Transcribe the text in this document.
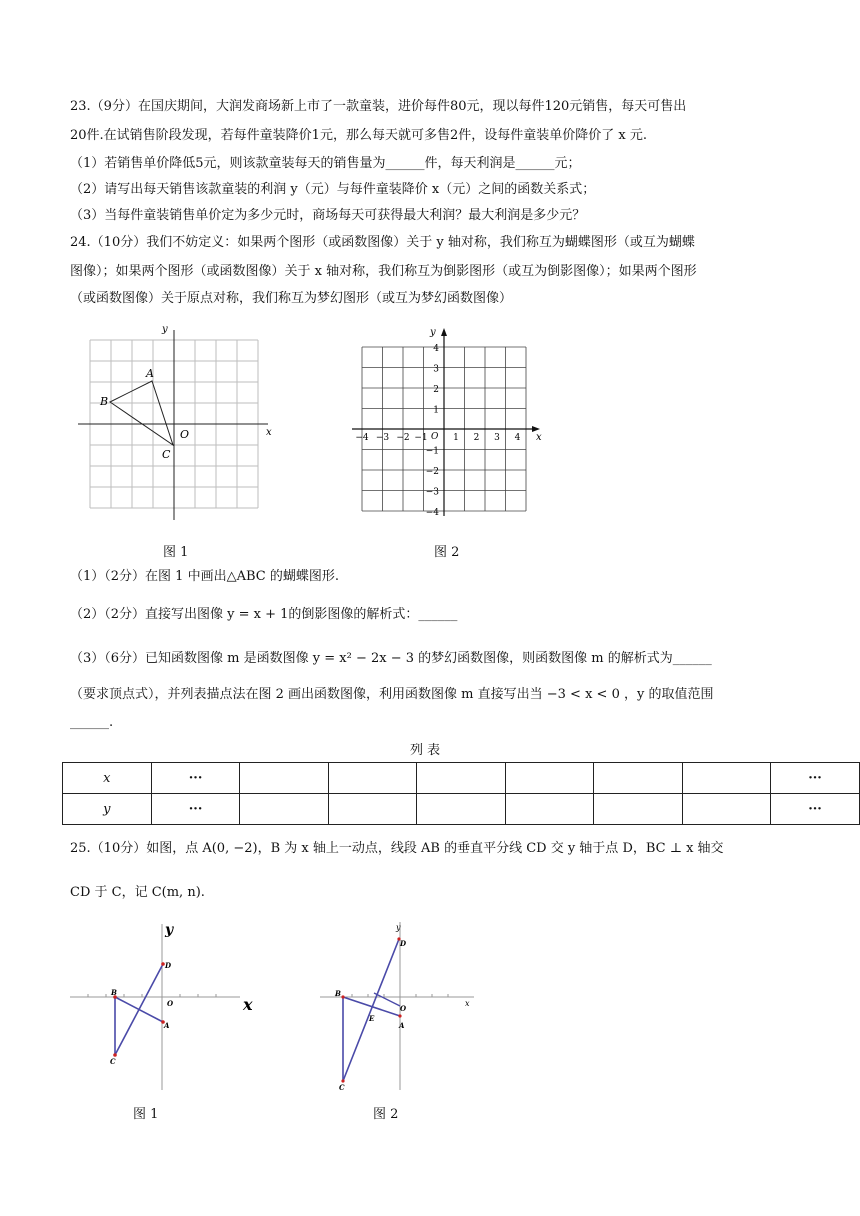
23.（9分）在国庆期间，大润发商场新上市了一款童装，进价每件80元，现以每件120元销售，每天可售出
20件.在试销售阶段发现，若每件童装降价1元，那么每天就可多售2件，设每件童装单价降价了 x 元.
（1）若销售单价降低5元，则该款童装每天的销售量为______件，每天利润是______元；
（2）请写出每天销售该款童装的利润 y（元）与每件童装降价 x（元）之间的函数关系式；
（3）当每件童装销售单价定为多少元时，商场每天可获得最大利润？最大利润是多少元？
24.（10分）我们不妨定义：如果两个图形（或函数图像）关于 y 轴对称，我们称互为蝴蝶图形（或互为蝴蝶
图像）；如果两个图形（或函数图像）关于 x 轴对称，我们称互为倒影图形（或互为倒影图像）；如果两个图形
（或函数图像）关于原点对称，我们称互为梦幻图形（或互为梦幻函数图像）
A
B
C
O	x
y
图 1
x
y
O
−4 −3 −2 −1	1 2 3 4
4
3
2
1
−1
−2
−3
−4
图 2
（1）（2分）在图 1 中画出△ABC 的蝴蝶图形.
（2）（2分）直接写出图像 y = x + 1的倒影图像的解析式：______
（3）（6分）已知函数图像 m 是函数图像 y = x² − 2x − 3 的梦幻函数图像，则函数图像 m 的解析式为______
（要求顶点式），并列表描点法在图 2 画出函数图像，利用函数图像 m 直接写出当 −3 < x < 0 ，y 的取值范围
______.
列 表
x	···							···
y	···							···
25.（10分）如图，点 A(0, −2)，B 为 x 轴上一动点，线段 AB 的垂直平分线 CD 交 y 轴于点 D，BC ⊥ x 轴交
CD 于 C，记 C(m, n).
B
C
D
A
O	x
y
图 1
B
C
D
A
E
O
x
y
图 2
